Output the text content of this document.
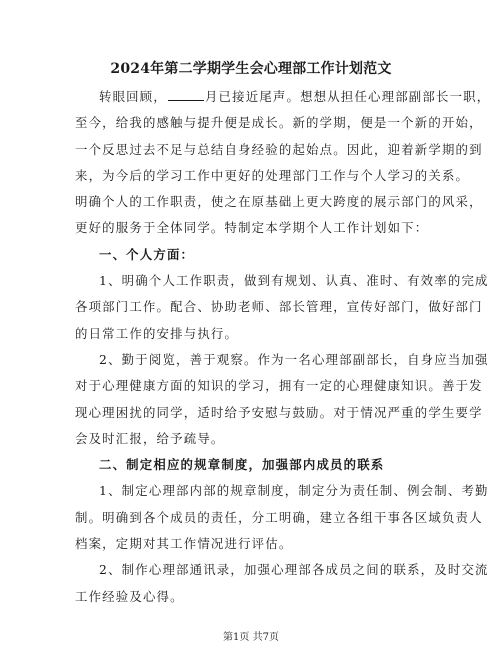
2024年第二学期学生会心理部工作计划范文
转眼回顾，	月已接近尾声。想想从担任心理部副部长一职，
至今，给我的感触与提升便是成长。新的学期，便是一个新的开始，
一个反思过去不足与总结自身经验的起始点。因此，迎着新学期的到
来，为今后的学习工作中更好的处理部门工作与个人学习的关系。
明确个人的工作职责，使之在原基础上更大跨度的展示部门的风采，
更好的服务于全体同学。特制定本学期个人工作计划如下：
一、个人方面：
1、明确个人工作职责，做到有规划、认真、准时、有效率的完成
各项部门工作。配合、协助老师、部长管理，宣传好部门，做好部门
的日常工作的安排与执行。
2、勤于阅览，善于观察。作为一名心理部副部长，自身应当加强
对于心理健康方面的知识的学习，拥有一定的心理健康知识。善于发
现心理困扰的同学，适时给予安慰与鼓励。对于情况严重的学生要学
会及时汇报，给予疏导。
二、制定相应的规章制度，加强部内成员的联系
1、制定心理部内部的规章制度，制定分为责任制、例会制、考勤
制。明确到各个成员的责任，分工明确，建立各组干事各区域负责人
档案，定期对其工作情况进行评估。
2、制作心理部通讯录，加强心理部各成员之间的联系，及时交流
工作经验及心得。
第1页 共7页
